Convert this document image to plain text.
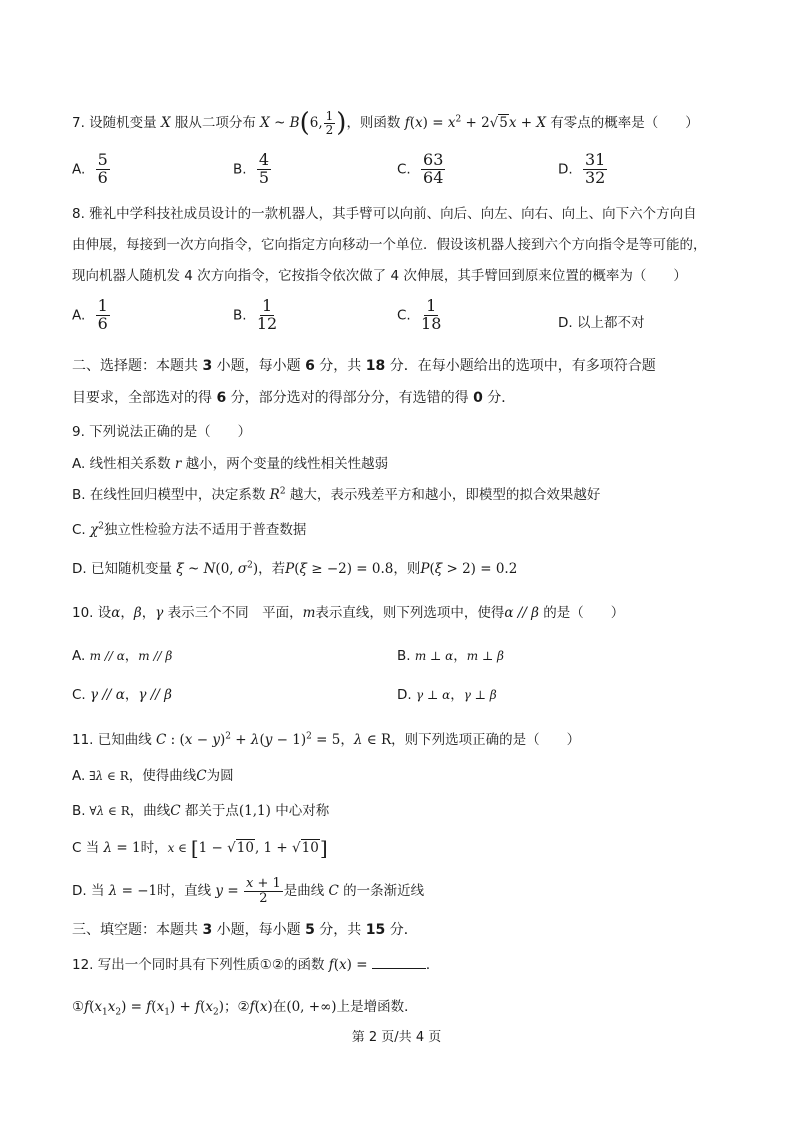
7. 设随机变量 X 服从二项分布 X ~ B(6, $\frac{1}{2}$ )，则函数 $f(x) = x^2 + 2√5x + X$ 有零点的概率是（　　）
A. $\frac{5}{6}$	B. $\frac{4}{5}$	C. $\frac{63}{64}$	D. $\frac{31}{32}$
8. 雅礼中学科技社成员设计的一款机器人，其手臂可以向前、向后、向左、向右、向上、向下六个方向自
由伸展，每接到一次方向指令，它向指定方向移动一个单位．假设该机器人接到六个方向指令是等可能的，
现向机器人随机发 4 次方向指令，它按指令依次做了 4 次伸展，其手臂回到原来位置的概率为（　　）
A. $\frac{1}{6}$	B. $\frac{1}{12}$	C. $\frac{1}{18}$	D. 以上都不对
二、选择题：本题共 3 小题，每小题 6 分，共 18 分．在每小题给出的选项中，有多项符合题
目要求，全部选对的得 6 分，部分选对的得部分分，有选错的得 0 分．
9. 下列说法正确的是（　　）
A. 线性相关系数 r 越小，两个变量的线性相关性越弱
B. 在线性回归模型中，决定系数 $R^2$ 越大，表示残差平方和越小，即模型的拟合效果越好
C. $\chi^2$独立性检验方法不适用于普查数据
D. 已知随机变量 ξ ~ N(0, $\sigma^2$)，若P(ξ ≥ −2) = 0.8，则P(ξ > 2) = 0.2
10. 设α，β，γ 表示三个不同　平面，m表示直线，则下列选项中，使得α // β 的是（　　）
A. m // α，m // β	B. m ⊥ α，m ⊥ β
C. γ // α，γ // β	D. γ ⊥ α，γ ⊥ β
11. 已知曲线 C : $(x - y)^2 + \lambda(y - 1)^2 = 5$，λ ∈ R，则下列选项正确的是（　　）
A. ∃λ ∈ R，使得曲线C为圆
B. ∀λ ∈ R，曲线C 都关于点(1,1) 中心对称
C 当 λ = 1时，x ∈ [1 − √10, 1 + √10]
D. 当 λ = −1时，直线 $y = \frac{x + 1}{2}$ 是曲线 C 的一条渐近线
三、填空题：本题共 3 小题，每小题 5 分，共 15 分．
12. 写出一个同时具有下列性质①②的函数 f(x) =	．
$①f(x_1x_2) = f(x_1) + f(x_2)$；②f(x)在(0, +∞)上是增函数．
第 2 页/共 4 页
